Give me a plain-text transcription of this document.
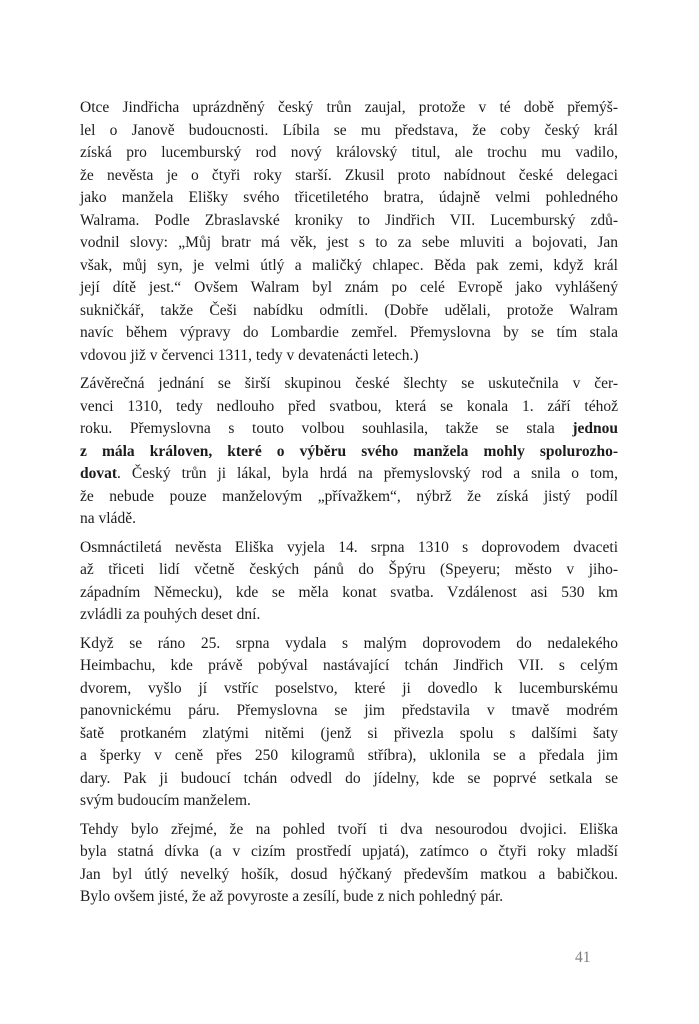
Otce Jindřicha uprázdněný český trůn zaujal, protože v té době přemýš-
lel o Janově budoucnosti. Líbila se mu představa, že coby český král
získá pro lucemburský rod nový královský titul, ale trochu mu vadilo,
že nevěsta je o čtyři roky starší. Zkusil proto nabídnout české delegaci
jako manžela Elišky svého třicetiletého bratra, údajně velmi pohledného
Walrama. Podle Zbraslavské kroniky to Jindřich VII. Lucemburský zdů-
vodnil slovy: „Můj bratr má věk, jest s to za sebe mluviti a bojovati, Jan
však, můj syn, je velmi útlý a maličký chlapec. Běda pak zemi, když král
její dítě jest.“ Ovšem Walram byl znám po celé Evropě jako vyhlášený
sukničkář, takže Češi nabídku odmítli. (Dobře udělali, protože Walram
navíc během výpravy do Lombardie zemřel. Přemyslovna by se tím stala
vdovou již v červenci 1311, tedy v devatenácti letech.)
Závěrečná jednání se širší skupinou české šlechty se uskutečnila v čer-
venci 1310, tedy nedlouho před svatbou, která se konala 1. září téhož
roku. Přemyslovna s touto volbou souhlasila, takže se stala jednou
z mála královen, které o výběru svého manžela mohly spolurozho-
dovat. Český trůn ji lákal, byla hrdá na přemyslovský rod a snila o tom,
že nebude pouze manželovým „přívažkem“, nýbrž že získá jistý podíl
na vládě.
Osmnáctiletá nevěsta Eliška vyjela 14. srpna 1310 s doprovodem dvaceti
až třiceti lidí včetně českých pánů do Špýru (Speyeru; město v jiho-
západním Německu), kde se měla konat svatba. Vzdálenost asi 530 km
zvládli za pouhých deset dní.
Když se ráno 25. srpna vydala s malým doprovodem do nedalekého
Heimbachu, kde právě pobýval nastávající tchán Jindřich VII. s celým
dvorem, vyšlo jí vstříc poselstvo, které ji dovedlo k lucemburskému
panovnickému páru. Přemyslovna se jim představila v tmavě modrém
šatě protkaném zlatými nitěmi (jenž si přivezla spolu s dalšími šaty
a šperky v ceně přes 250 kilogramů stříbra), uklonila se a předala jim
dary. Pak ji budoucí tchán odvedl do jídelny, kde se poprvé setkala se
svým budoucím manželem.
Tehdy bylo zřejmé, že na pohled tvoří ti dva nesourodou dvojici. Eliška
byla statná dívka (a v cizím prostředí upjatá), zatímco o čtyři roky mladší
Jan byl útlý nevelký hošík, dosud hýčkaný především matkou a babičkou.
Bylo ovšem jisté, že až povyroste a zesílí, bude z nich pohledný pár.
41
